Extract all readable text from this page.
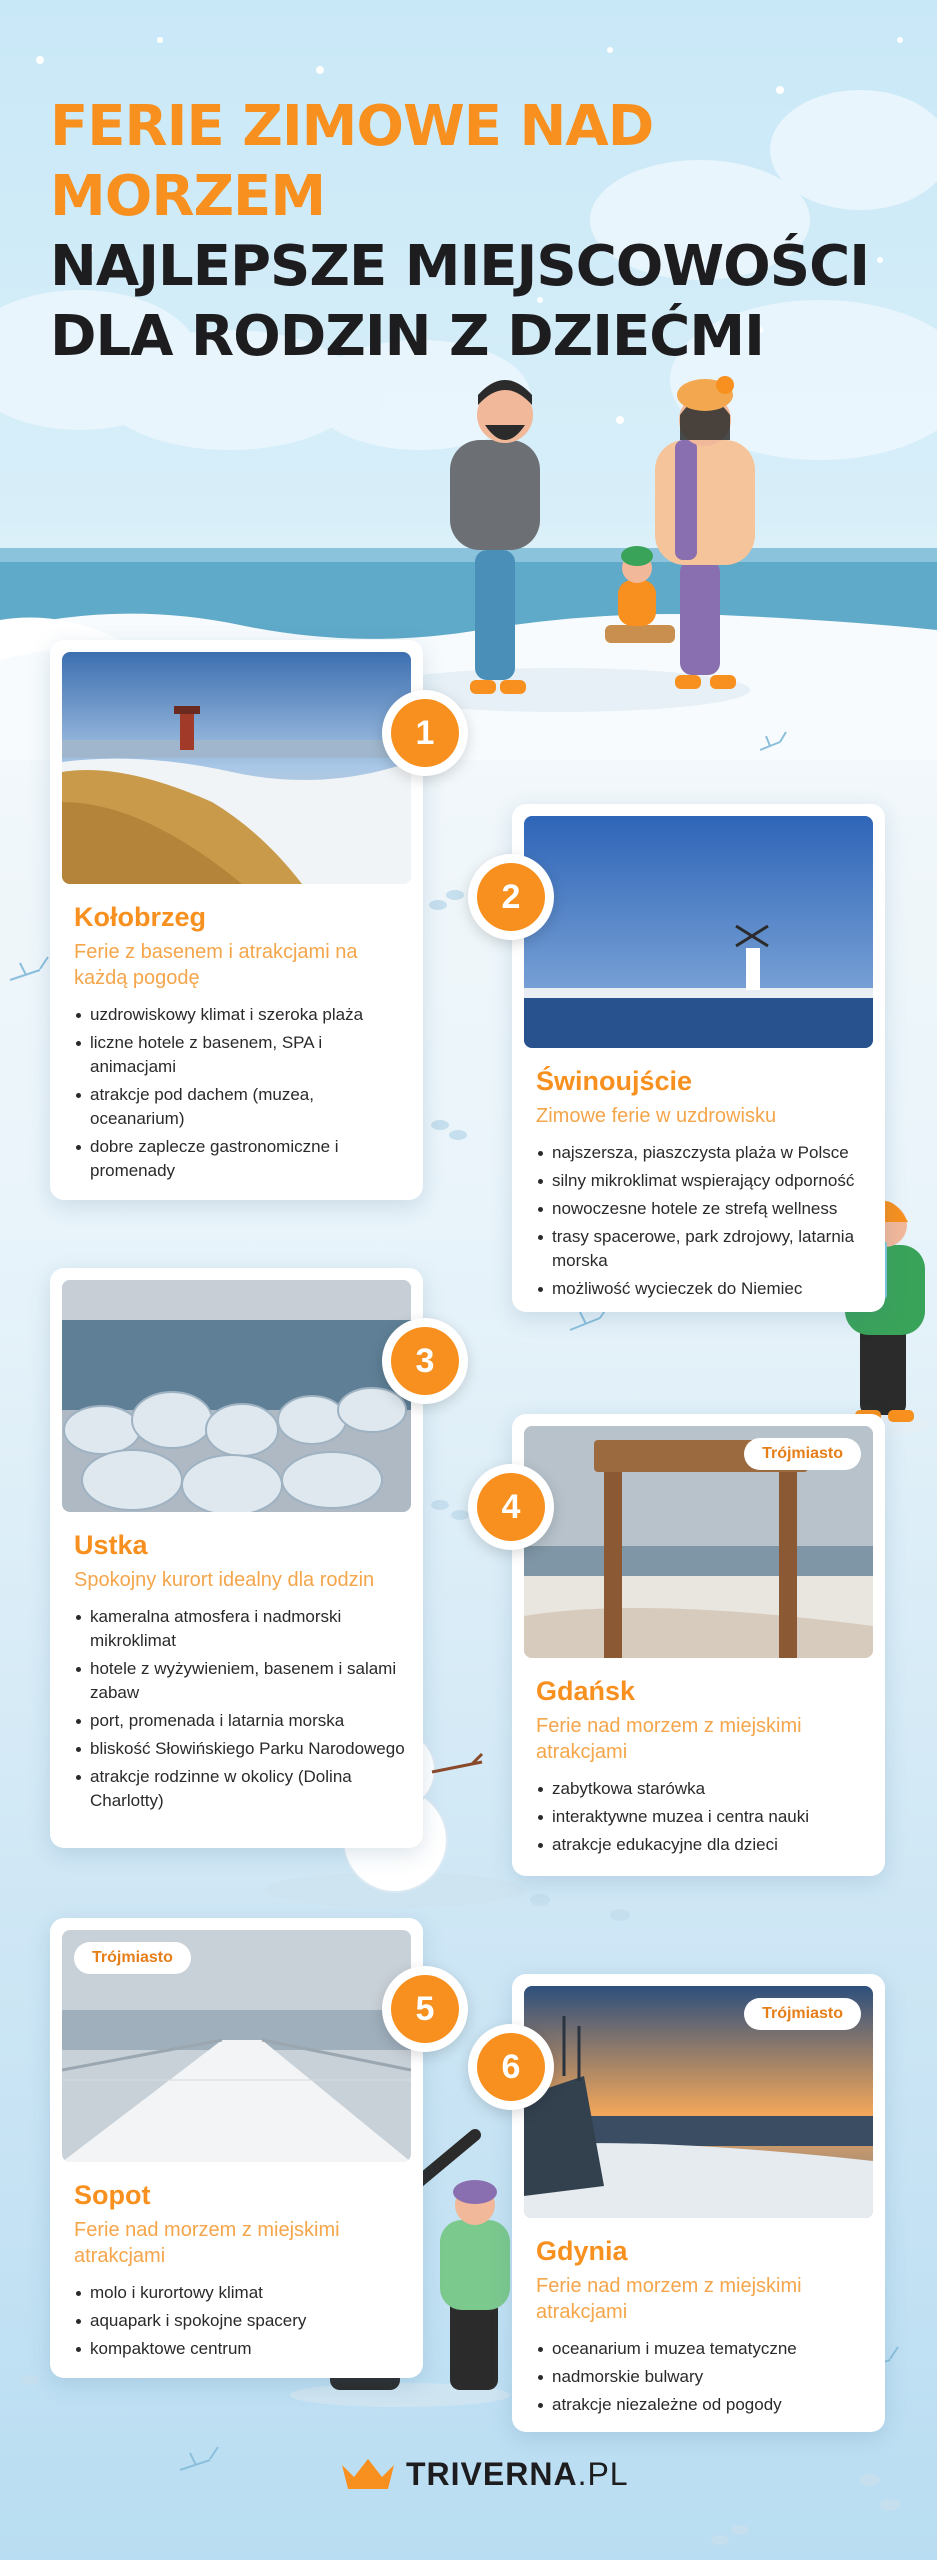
FERIE ZIMOWE NAD MORZEM
NAJLEPSZE MIEJSCOWOŚCI
DLA RODZIN Z DZIEĆMI
Kołobrzeg
Ferie z basenem i atrakcjami na każdą pogodę
uzdrowiskowy klimat i szeroka plaża
liczne hotele z basenem, SPA i animacjami
atrakcje pod dachem (muzea, oceanarium)
dobre zaplecze gastronomiczne i promenady
1
Świnoujście
Zimowe ferie w uzdrowisku
najszersza, piaszczysta plaża w Polsce
silny mikroklimat wspierający odporność
nowoczesne hotele ze strefą wellness
trasy spacerowe, park zdrojowy, latarnia morska
możliwość wycieczek do Niemiec
2
Ustka
Spokojny kurort idealny dla rodzin
kameralna atmosfera i nadmorski mikroklimat
hotele z wyżywieniem, basenem i salami zabaw
port, promenada i latarnia morska
bliskość Słowińskiego Parku Narodowego
atrakcje rodzinne w okolicy (Dolina Charlotty)
3
Trójmiasto
Gdańsk
Ferie nad morzem z miejskimi atrakcjami
zabytkowa starówka
interaktywne muzea i centra nauki
atrakcje edukacyjne dla dzieci
4
Trójmiasto
Sopot
Ferie nad morzem z miejskimi atrakcjami
molo i kurortowy klimat
aquapark i spokojne spacery
kompaktowe centrum
5	Trójmiasto
Gdynia
Ferie nad morzem z miejskimi atrakcjami
oceanarium i muzea tematyczne
nadmorskie bulwary
atrakcje niezależne od pogody
6
TRIVERNA.PL
